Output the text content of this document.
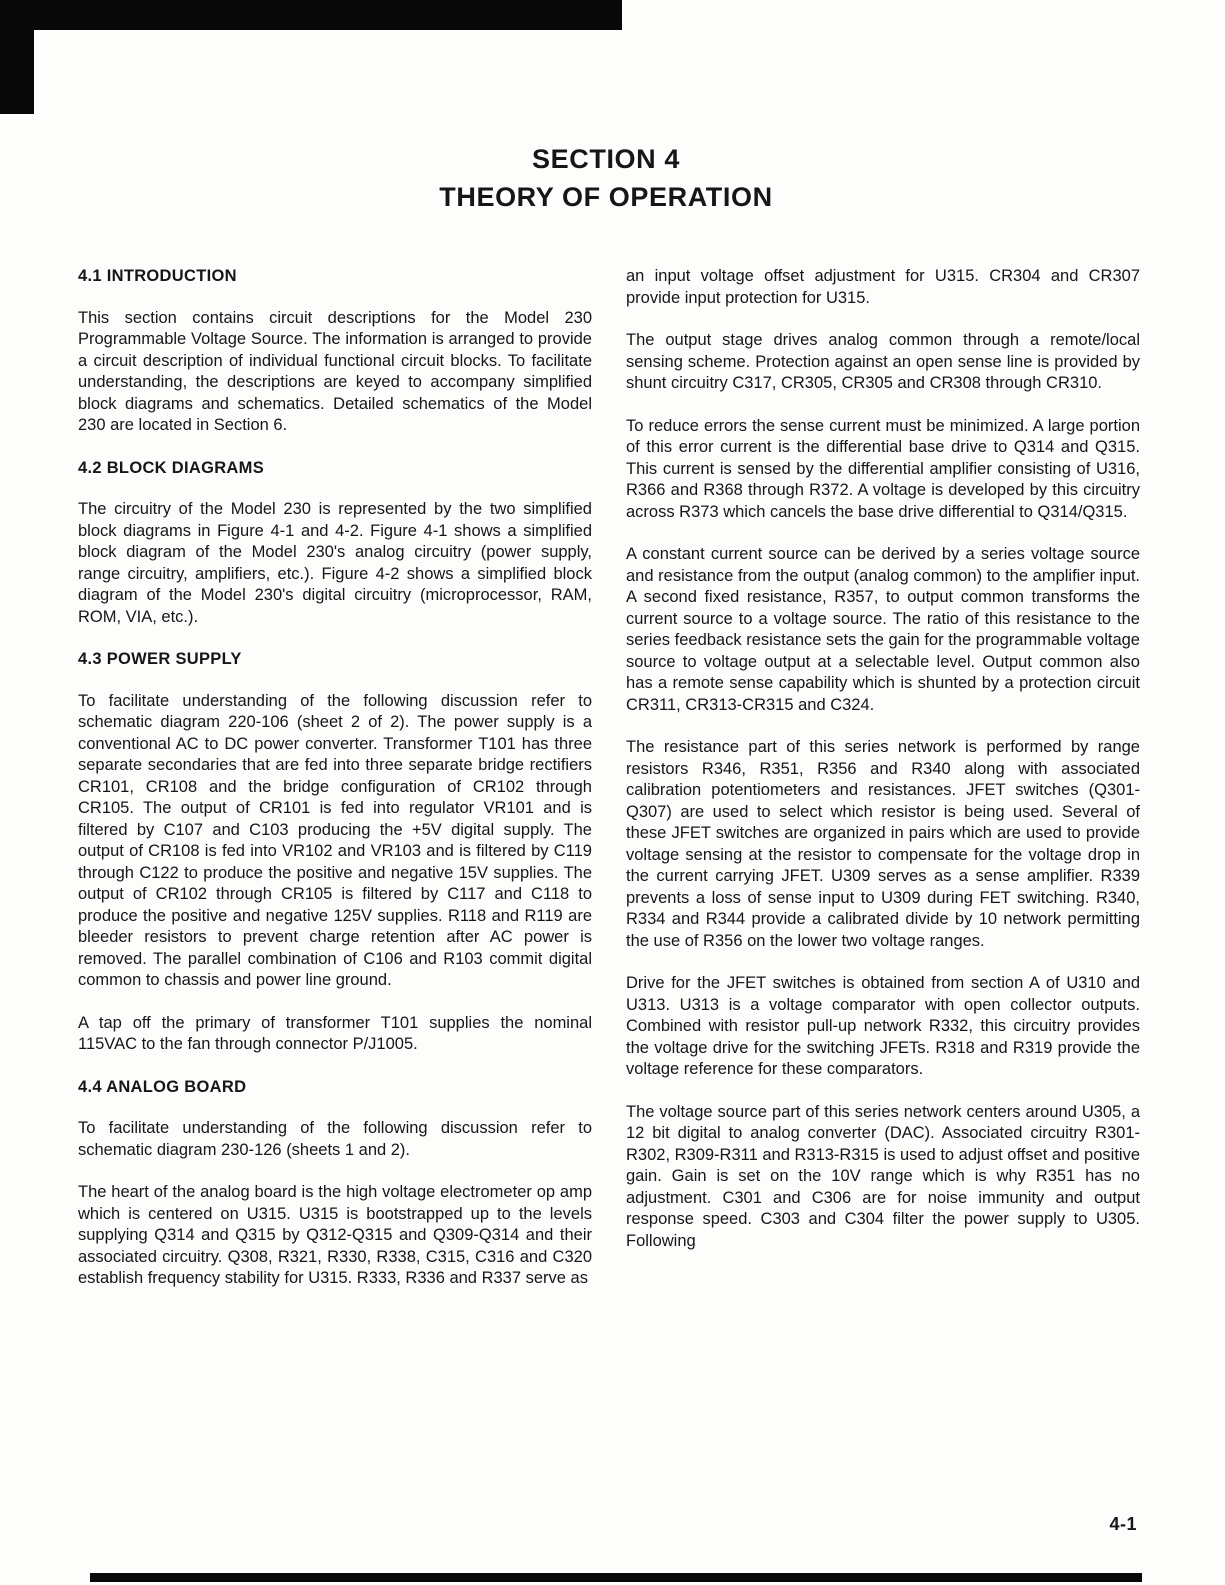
SECTION 4
THEORY OF OPERATION
4.1 INTRODUCTION

This section contains circuit descriptions for the Model 230 Programmable Voltage Source. The information is arranged to provide a circuit description of individual functional circuit blocks. To facilitate understanding, the descriptions are keyed to accompany simplified block diagrams and schematics. Detailed schematics of the Model 230 are located in Section 6.

4.2 BLOCK DIAGRAMS

The circuitry of the Model 230 is represented by the two simplified block diagrams in Figure 4-1 and 4-2. Figure 4-1 shows a simplified block diagram of the Model 230's analog circuitry (power supply, range circuitry, amplifiers, etc.). Figure 4-2 shows a simplified block diagram of the Model 230's digital circuitry (microprocessor, RAM, ROM, VIA, etc.).

4.3 POWER SUPPLY

To facilitate understanding of the following discussion refer to schematic diagram 220-106 (sheet 2 of 2). The power supply is a conventional AC to DC power converter. Transformer T101 has three separate secondaries that are fed into three separate bridge rectifiers CR101, CR108 and the bridge configuration of CR102 through CR105. The output of CR101 is fed into regulator VR101 and is filtered by C107 and C103 producing the +5V digital supply. The output of CR108 is fed into VR102 and VR103 and is filtered by C119 through C122 to produce the positive and negative 15V supplies. The output of CR102 through CR105 is filtered by C117 and C118 to produce the positive and negative 125V supplies. R118 and R119 are bleeder resistors to prevent charge retention after AC power is removed. The parallel combination of C106 and R103 commit digital common to chassis and power line ground.

A tap off the primary of transformer T101 supplies the nominal 115VAC to the fan through connector P/J1005.

4.4 ANALOG BOARD

To facilitate understanding of the following discussion refer to schematic diagram 230-126 (sheets 1 and 2).

The heart of the analog board is the high voltage electrometer op amp which is centered on U315. U315 is bootstrapped up to the levels supplying Q314 and Q315 by Q312-Q315 and Q309-Q314 and their associated circuitry. Q308, R321, R330, R338, C315, C316 and C320 establish frequency stability for U315. R333, R336 and R337 serve as

an input voltage offset adjustment for U315. CR304 and CR307 provide input protection for U315.

The output stage drives analog common through a remote/local sensing scheme. Protection against an open sense line is provided by shunt circuitry C317, CR305, CR305 and CR308 through CR310.

To reduce errors the sense current must be minimized. A large portion of this error current is the differential base drive to Q314 and Q315. This current is sensed by the differential amplifier consisting of U316, R366 and R368 through R372. A voltage is developed by this circuitry across R373 which cancels the base drive differential to Q314/Q315.

A constant current source can be derived by a series voltage source and resistance from the output (analog common) to the amplifier input. A second fixed resistance, R357, to output common transforms the current source to a voltage source. The ratio of this resistance to the series feedback resistance sets the gain for the programmable voltage source to voltage output at a selectable level. Output common also has a remote sense capability which is shunted by a protection circuit CR311, CR313-CR315 and C324.

The resistance part of this series network is performed by range resistors R346, R351, R356 and R340 along with associated calibration potentiometers and resistances. JFET switches (Q301-Q307) are used to select which resistor is being used. Several of these JFET switches are organized in pairs which are used to provide voltage sensing at the resistor to compensate for the voltage drop in the current carrying JFET. U309 serves as a sense amplifier. R339 prevents a loss of sense input to U309 during FET switching. R340, R334 and R344 provide a calibrated divide by 10 network permitting the use of R356 on the lower two voltage ranges.

Drive for the JFET switches is obtained from section A of U310 and U313. U313 is a voltage comparator with open collector outputs. Combined with resistor pull-up network R332, this circuitry provides the voltage drive for the switching JFETs. R318 and R319 provide the voltage reference for these comparators.

The voltage source part of this series network centers around U305, a 12 bit digital to analog converter (DAC). Associated circuitry R301-R302, R309-R311 and R313-R315 is used to adjust offset and positive gain. Gain is set on the 10V range which is why R351 has no adjustment. C301 and C306 are for noise immunity and output response speed. C303 and C304 filter the power supply to U305. Following

4-1
